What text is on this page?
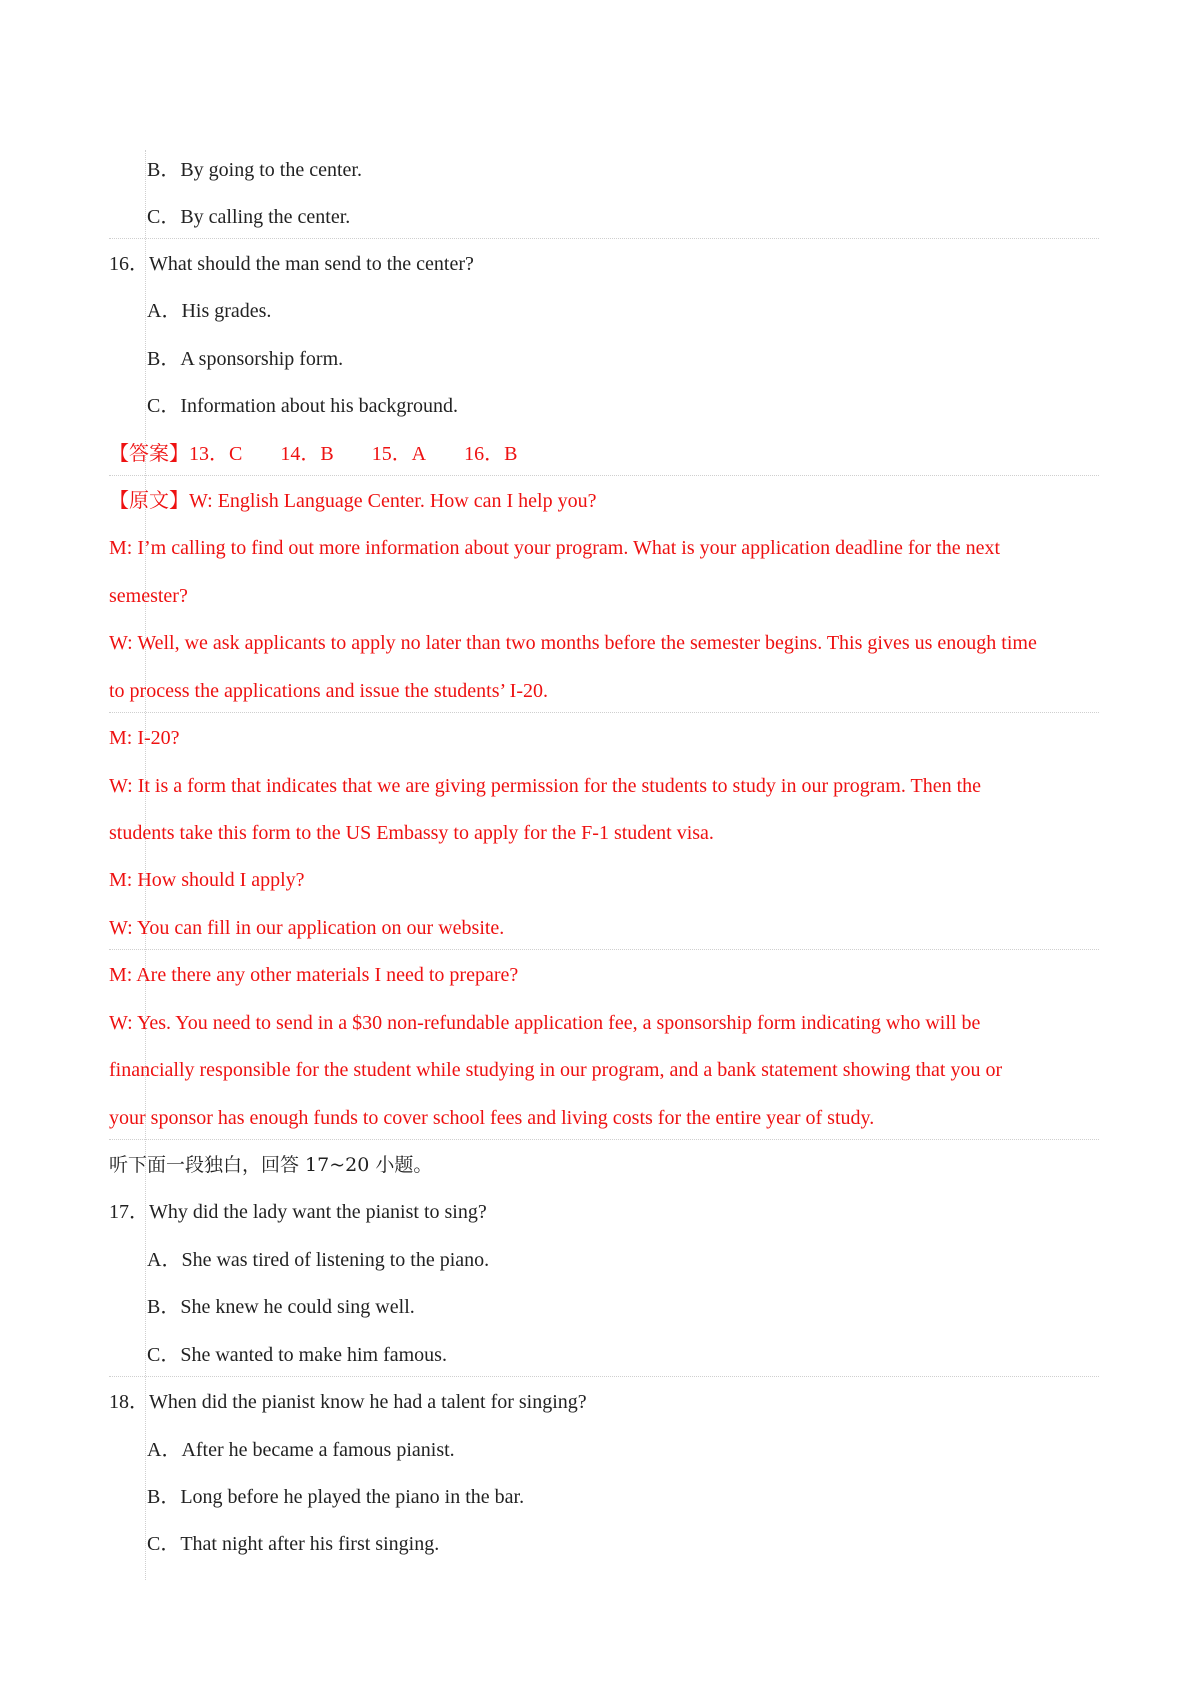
B．By going to the center.
C．By calling the center.
16．What should the man send to the center?
A．His grades.
B．A sponsorship form.
C．Information about his background.
【答案】13．C 14．B 15．A 16．B
【原文】W: English Language Center. How can I help you?
M: I’m calling to find out more information about your program. What is your application deadline for the next
semester?
W: Well, we ask applicants to apply no later than two months before the semester begins. This gives us enough time
to process the applications and issue the students’ I-20.
M: I-20?
W: It is a form that indicates that we are giving permission for the students to study in our program. Then the
students take this form to the US Embassy to apply for the F-1 student visa.
M: How should I apply?
W: You can fill in our application on our website.
M: Are there any other materials I need to prepare?
W: Yes. You need to send in a $30 non-refundable application fee, a sponsorship form indicating who will be
financially responsible for the student while studying in our program, and a bank statement showing that you or
your sponsor has enough funds to cover school fees and living costs for the entire year of study.
听下面一段独白，回答 17~20 小题。
17．Why did the lady want the pianist to sing?
A．She was tired of listening to the piano.
B．She knew he could sing well.
C．She wanted to make him famous.
18．When did the pianist know he had a talent for singing?
A．After he became a famous pianist.
B．Long before he played the piano in the bar.
C．That night after his first singing.
